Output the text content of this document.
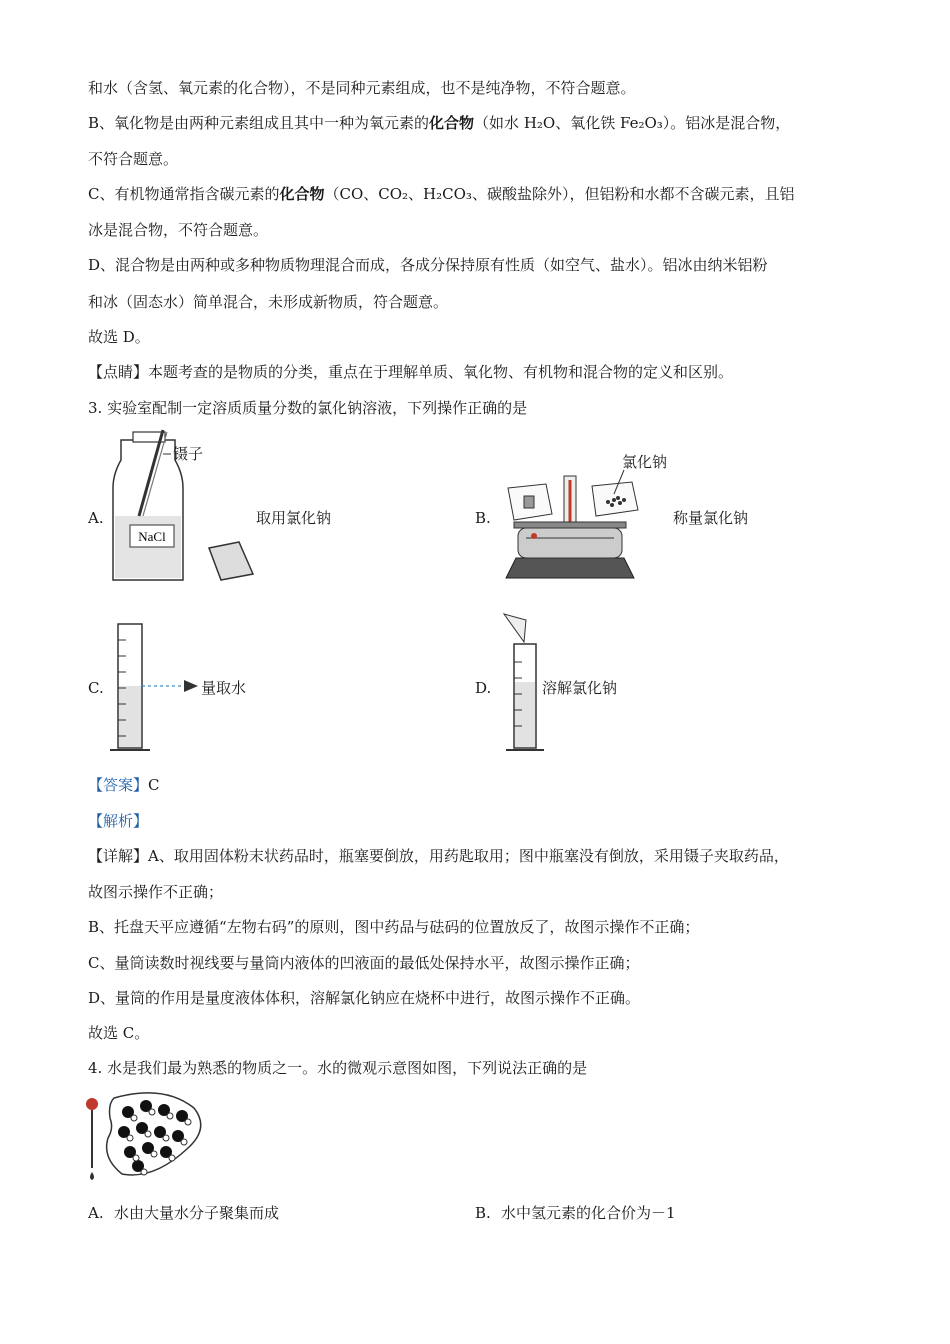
和水（含氢、氧元素的化合物），不是同种元素组成，也不是纯净物，不符合题意。
B、氧化物是由两种元素组成且其中一种为氧元素的化合物（如水 H₂O、氧化铁 Fe₂O₃）。铝冰是混合物，
不符合题意。
C、有机物通常指含碳元素的化合物（CO、CO₂、H₂CO₃、碳酸盐除外），但铝粉和水都不含碳元素，且铝
冰是混合物，不符合题意。
D、混合物是由两种或多种物质物理混合而成，各成分保持原有性质（如空气、盐水）。铝冰由纳米铝粉
和冰（固态水）简单混合，未形成新物质，符合题意。
故选 D。
【点睛】本题考查的是物质的分类，重点在于理解单质、氧化物、有机物和混合物的定义和区别。
3. 实验室配制一定溶质质量分数的氯化钠溶液，下列操作正确的是
A.
NaCl
镊子
取用氯化钠	B.
氯化钠
称量氯化钠
C.	量取水	D.	溶解氯化钠
【答案】C
【解析】
【详解】A、取用固体粉末状药品时，瓶塞要倒放，用药匙取用；图中瓶塞没有倒放，采用镊子夹取药品，
故图示操作不正确；
B、托盘天平应遵循“左物右码”的原则，图中药品与砝码的位置放反了，故图示操作不正确；
C、量筒读数时视线要与量筒内液体的凹液面的最低处保持水平，故图示操作正确；
D、量筒的作用是量度液体体积，溶解氯化钠应在烧杯中进行，故图示操作不正确。
故选 C。
4. 水是我们最为熟悉的物质之一。水的微观示意图如图，下列说法正确的是
A. 水由大量水分子聚集而成	B. 水中氢元素的化合价为－1
